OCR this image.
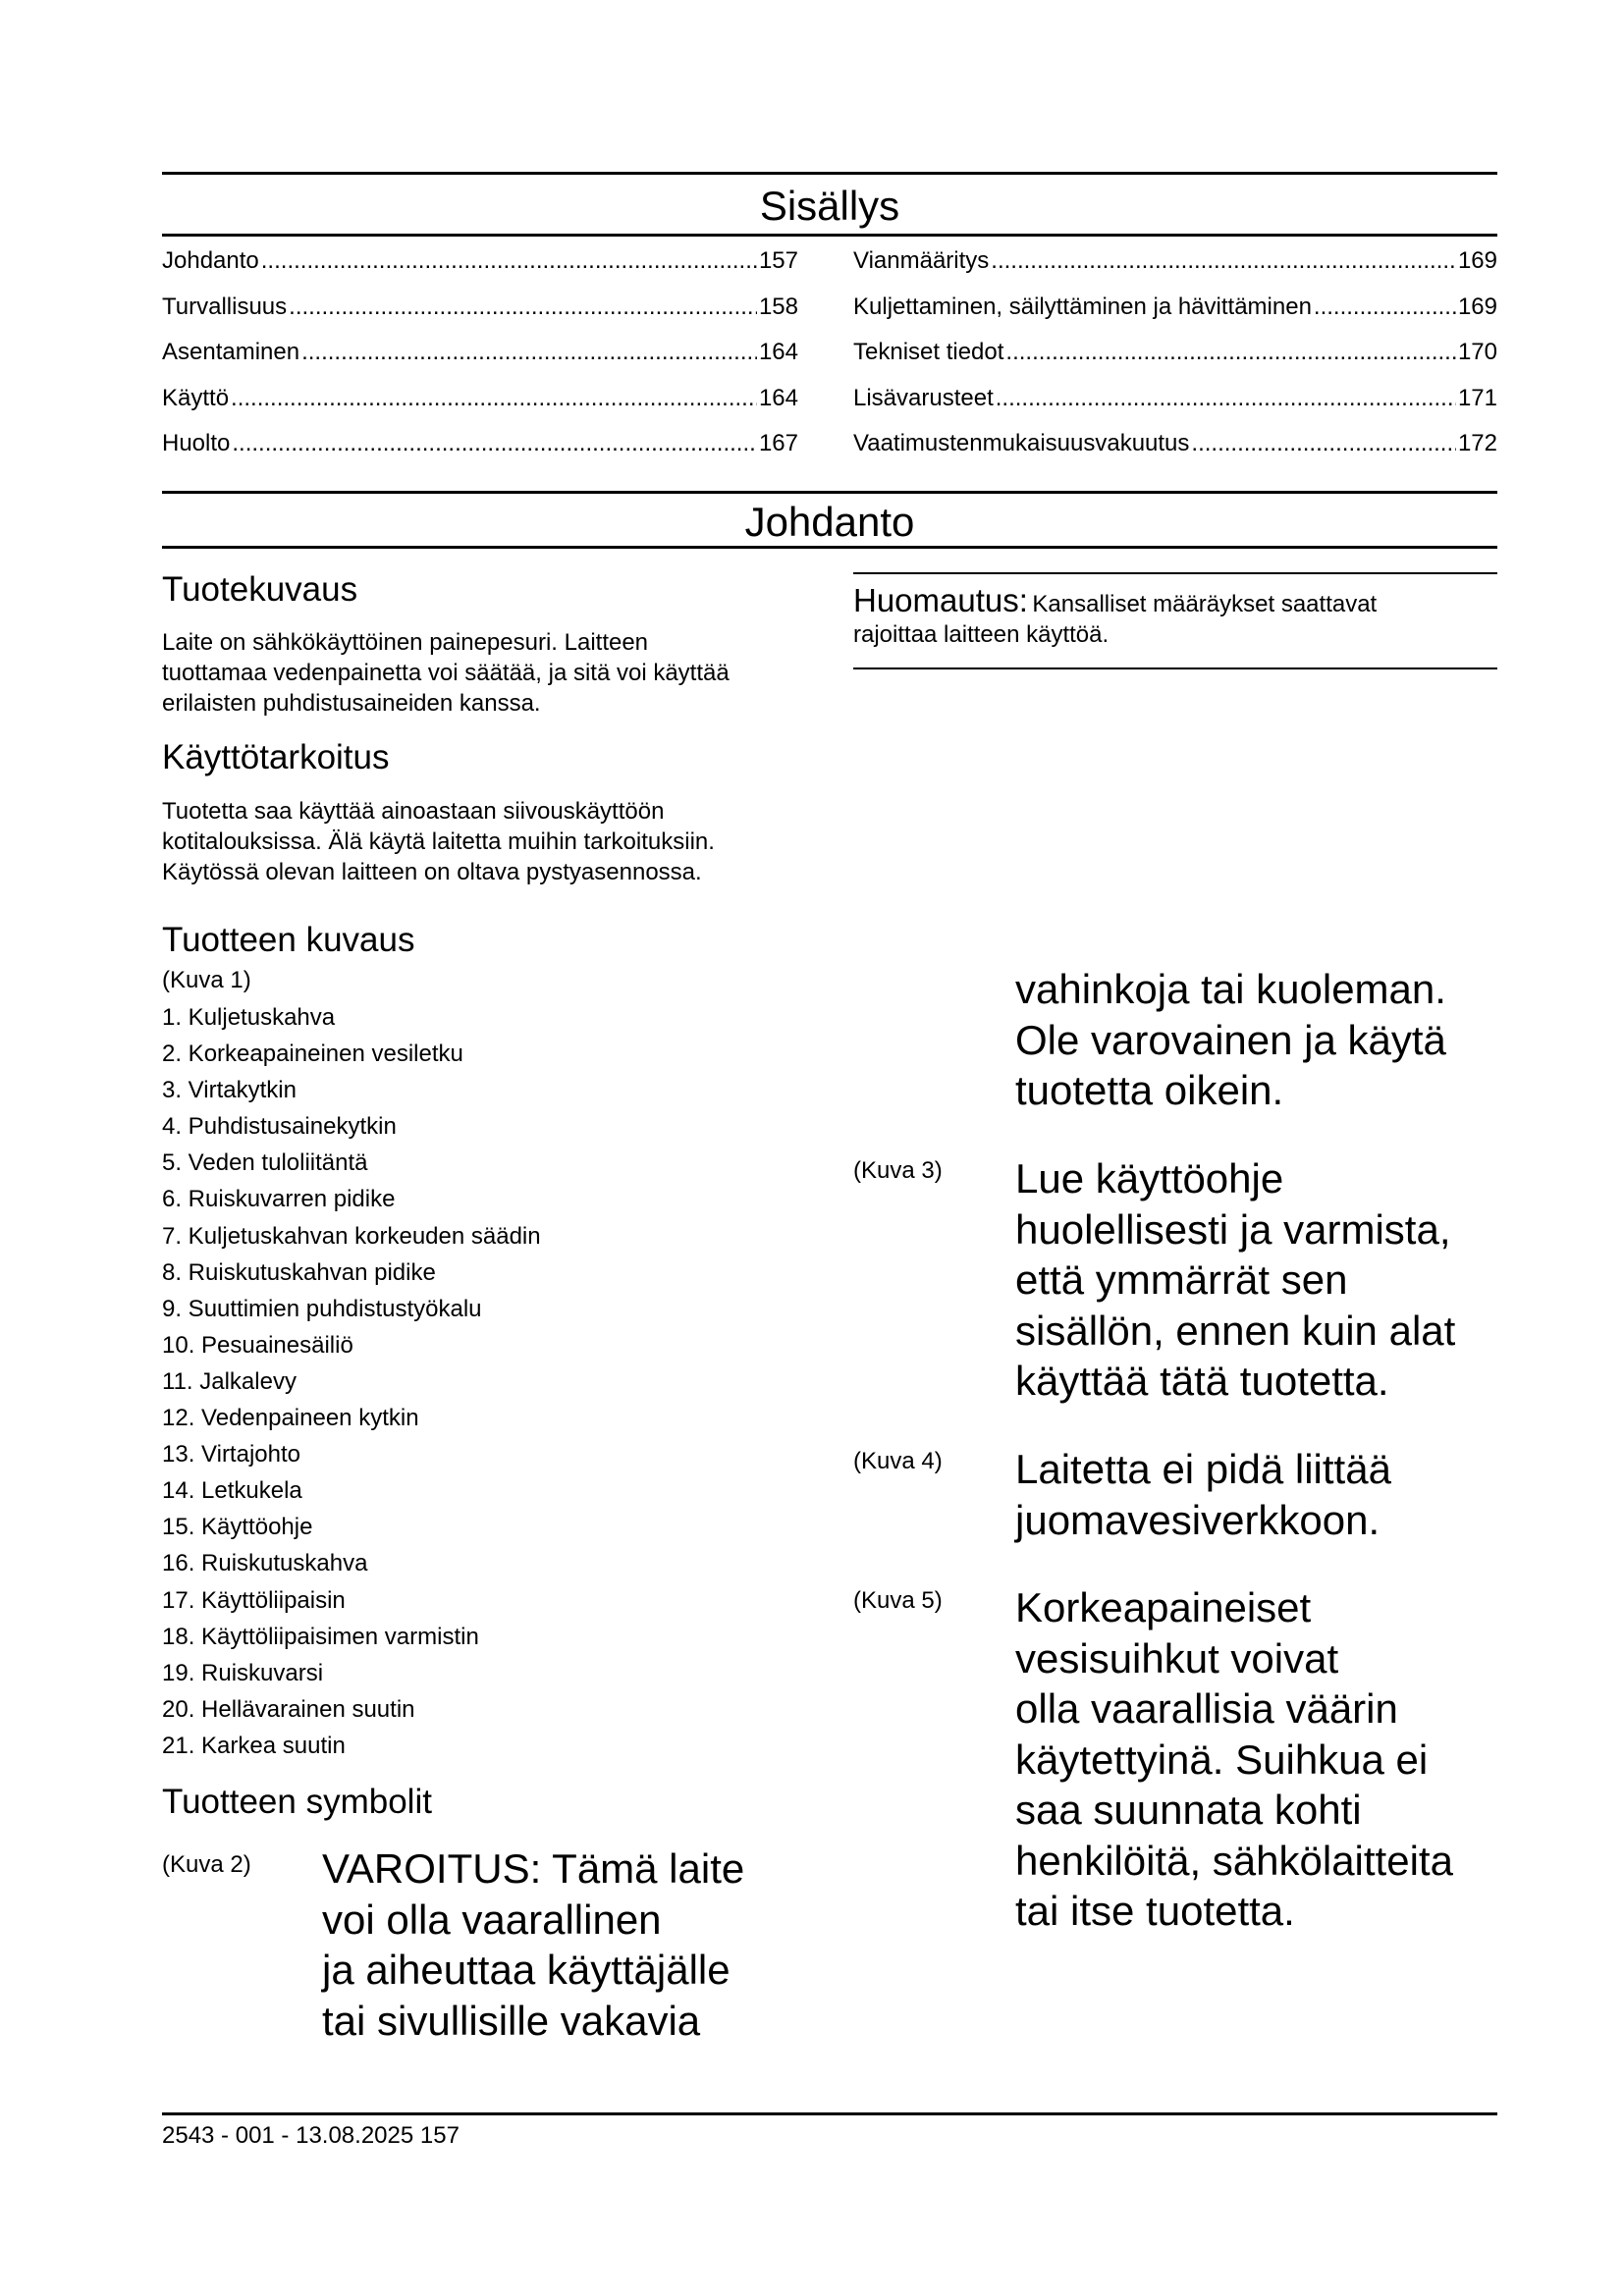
Sisällys
Johdanto .....	157
Turvallisuus .....	158
Asentaminen .....	164
Käyttö .....	164
Huolto .....	167
Vianmääritys .....	169
Kuljettaminen, säilyttäminen ja hävittäminen .....	169
Tekniset tiedot .....	170
Lisävarusteet .....	171
Vaatimustenmukaisuusvakuutus .....	172
Johdanto
Tuotekuvaus
Laite on sähkökäyttöinen painepesuri. Laitteen
tuottamaa vedenpainetta voi säätää, ja sitä voi käyttää
erilaisten puhdistusaineiden kanssa.
Käyttötarkoitus
Tuotetta saa käyttää ainoastaan siivouskäyttöön
kotitalouksissa. Älä käytä laitetta muihin tarkoituksiin.
Käytössä olevan laitteen on oltava pystyasennossa.
Tuotteen kuvaus
(Kuva 1)
1. Kuljetuskahva
2. Korkeapaineinen vesiletku
3. Virtakytkin
4. Puhdistusainekytkin
5. Veden tuloliitäntä
6. Ruiskuvarren pidike
7. Kuljetuskahvan korkeuden säädin
8. Ruiskutuskahvan pidike
9. Suuttimien puhdistustyökalu
10. Pesuainesäiliö
11. Jalkalevy
12. Vedenpaineen kytkin
13. Virtajohto
14. Letkukela
15. Käyttöohje
16. Ruiskutuskahva
17. Käyttöliipaisin
18. Käyttöliipaisimen varmistin
19. Ruiskuvarsi
20. Hellävarainen suutin
21. Karkea suutin
Tuotteen symbolit
(Kuva 2) VAROITUS: Tämä laite
voi olla vaarallinen
ja aiheuttaa käyttäjälle
tai sivullisille vakavia
Huomautus: Kansalliset määräykset saattavat
rajoittaa laitteen käyttöä.
vahinkoja tai kuoleman.
Ole varovainen ja käytä
tuotetta oikein.
(Kuva 3) Lue käyttöohje
huolellisesti ja varmista,
että ymmärrät sen
sisällön, ennen kuin alat
käyttää tätä tuotetta.
(Kuva 4) Laitetta ei pidä liittää
juomavesiverkkoon.
(Kuva 5) Korkeapaineiset
vesisuihkut voivat
olla vaarallisia väärin
käytettyinä. Suihkua ei
saa suunnata kohti
henkilöitä, sähkölaitteita
tai itse tuotetta.
2543 - 001 - 13.08.2025 157
